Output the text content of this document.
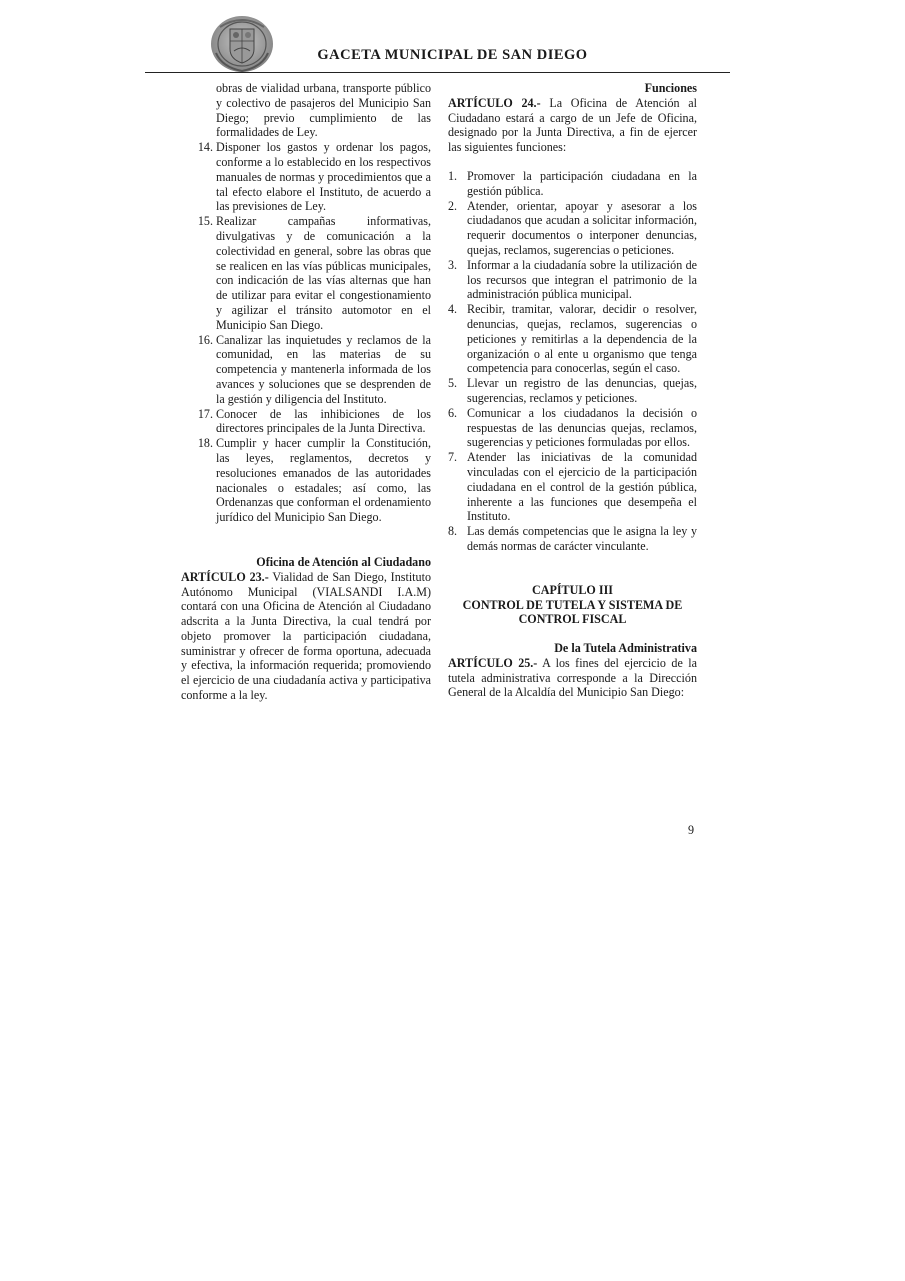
GACETA MUNICIPAL DE SAN DIEGO

obras de vialidad urbana, transporte público y colectivo de pasajeros del Municipio San Diego; previo cumplimiento de las formalidades de Ley.

14. Disponer los gastos y ordenar los pagos, conforme a lo establecido en los respectivos manuales de normas y procedimientos que a tal efecto elabore el Instituto, de acuerdo a las previsiones de Ley.
15. Realizar campañas informativas, divulgativas y de comunicación a la colectividad en general, sobre las obras que se realicen en las vías públicas municipales, con indicación de las vías alternas que han de utilizar para evitar el congestionamiento y agilizar el tránsito automotor en el Municipio San Diego.
16. Canalizar las inquietudes y reclamos de la comunidad, en las materias de su competencia y mantenerla informada de los avances y soluciones que se desprenden de la gestión y diligencia del Instituto.
17. Conocer de las inhibiciones de los directores principales de la Junta Directiva.
18. Cumplir y hacer cumplir la Constitución, las leyes, reglamentos, decretos y resoluciones emanados de las autoridades nacionales o estadales; así como, las Ordenanzas que conforman el ordenamiento jurídico del Municipio San Diego.

Oficina de Atención al Ciudadano

ARTÍCULO 23.- Vialidad de San Diego, Instituto Autónomo Municipal (VIALSANDI I.A.M) contará con una Oficina de Atención al Ciudadano adscrita a la Junta Directiva, la cual tendrá por objeto promover la participación ciudadana, suministrar y ofrecer de forma oportuna, adecuada y efectiva, la información requerida; promoviendo el ejercicio de una ciudadanía activa y participativa conforme a la ley.

Funciones

ARTÍCULO 24.- La Oficina de Atención al Ciudadano estará a cargo de un Jefe de Oficina, designado por la Junta Directiva, a fin de ejercer las siguientes funciones:

1. Promover la participación ciudadana en la gestión pública.
2. Atender, orientar, apoyar y asesorar a los ciudadanos que acudan a solicitar información, requerir documentos o interponer denuncias, quejas, reclamos, sugerencias o peticiones.
3. Informar a la ciudadanía sobre la utilización de los recursos que integran el patrimonio de la administración pública municipal.
4. Recibir, tramitar, valorar, decidir o resolver, denuncias, quejas, reclamos, sugerencias o peticiones y remitirlas a la dependencia de la organización o al ente u organismo que tenga competencia para conocerlas, según el caso.
5. Llevar un registro de las denuncias, quejas, sugerencias, reclamos y peticiones.
6. Comunicar a los ciudadanos la decisión o respuestas de las denuncias quejas, reclamos, sugerencias y peticiones formuladas por ellos.
7. Atender las iniciativas de la comunidad vinculadas con el ejercicio de la participación ciudadana en el control de la gestión pública, inherente a las funciones que desempeña el Instituto.
8. Las demás competencias que le asigna la ley y demás normas de carácter vinculante.

CAPÍTULO III

CONTROL DE TUTELA Y SISTEMA DE CONTROL FISCAL

De la Tutela Administrativa

ARTÍCULO 25.- A los fines del ejercicio de la tutela administrativa corresponde a la Dirección General de la Alcaldía del Municipio San Diego:

9
